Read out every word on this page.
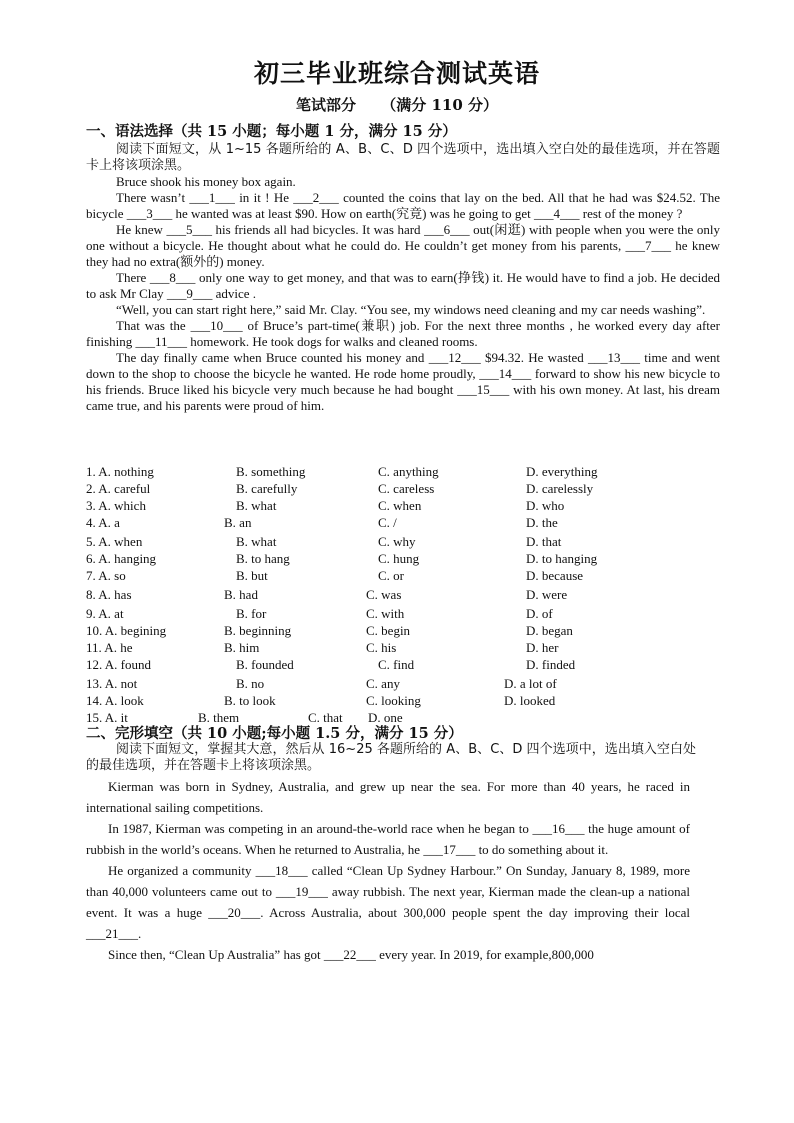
初三毕业班综合测试英语
笔试部分 （满分 110 分）
一、语法选择（共 15 小题；每小题 1 分，满分 15 分）

阅读下面短文，从 1~15 各题所给的 A、B、C、D 四个选项中，选出填入空白处的最佳选项，并在答题卡上将该项涂黑。

Bruce shook his money box again.

There wasn’t ___1___ in it ! He ___2___ counted the coins that lay on the bed. All that he had was $24.52. The bicycle ___3___ he wanted was at least $90. How on earth(究竟) was he going to get ___4___ rest of the money ?

He knew ___5___ his friends all had bicycles. It was hard ___6___ out(闲逛) with people when you were the only one without a bicycle. He thought about what he could do. He couldn’t get money from his parents, ___7___ he knew they had no extra(额外的) money.

There ___8___ only one way to get money, and that was to earn(挣钱) it. He would have to find a job. He decided to ask Mr Clay ___9___ advice .

“Well, you can start right here,” said Mr. Clay. “You see, my windows need cleaning and my car needs washing”.

That was the ___10___ of Bruce’s part-time(兼职) job. For the next three months , he worked every day after finishing ___11___ homework. He took dogs for walks and cleaned rooms.

The day finally came when Bruce counted his money and ___12___ $94.32. He wasted ___13___ time and went down to the shop to choose the bicycle he wanted. He rode home proudly, ___14___ forward to show his new bicycle to his friends. Bruce liked his bicycle very much because he had bought ___15___ with his own money. At last, his dream came true, and his parents were proud of him.

1. A. nothing	B. something	C. anything	D. everything
2. A. careful	B. carefully	C. careless	D. carelessly
3. A. which	B. what	C. when	D. who
4. A. a	B. an	C. /	D. the
5. A. when	B. what	C. why	D. that
6. A. hanging	B. to hang	C. hung	D. to hanging
7. A. so	B. but	C. or	D. because
8. A. has	B. had	C. was	D. were
9. A. at	B. for	C. with	D. of
10. A. begining	B. beginning	C. begin	D. began
11. A. he	B. him	C. his	D. her
12. A. found	B. founded	C. find	D. finded
13. A. not	B. no	C. any	D. a lot of
14. A. look	B. to look	C. looking	D. looked
15. A. it	B. them	C. that D. one
二、完形填空（共 10 小题;每小题 1.5 分，满分 15 分）

阅读下面短文，掌握其大意，然后从 16~25 各题所给的 A、B、C、D 四个选项中，选出填入空白处的最佳选项，并在答题卡上将该项涂黑。

Kierman was born in Sydney, Australia, and grew up near the sea. For more than 40 years, he raced in international sailing competitions.

In 1987, Kierman was competing in an around-the-world race when he began to ___16___ the huge amount of rubbish in the world’s oceans. When he returned to Australia, he ___17___ to do something about it.

He organized a community ___18___ called “Clean Up Sydney Harbour.” On Sunday, January 8, 1989, more than 40,000 volunteers came out to ___19___ away rubbish. The next year, Kierman made the clean-up a national event. It was a huge ___20___. Across Australia, about 300,000 people spent the day improving their local ___21___.

Since then, “Clean Up Australia” has got ___22___ every year. In 2019, for example,800,000
